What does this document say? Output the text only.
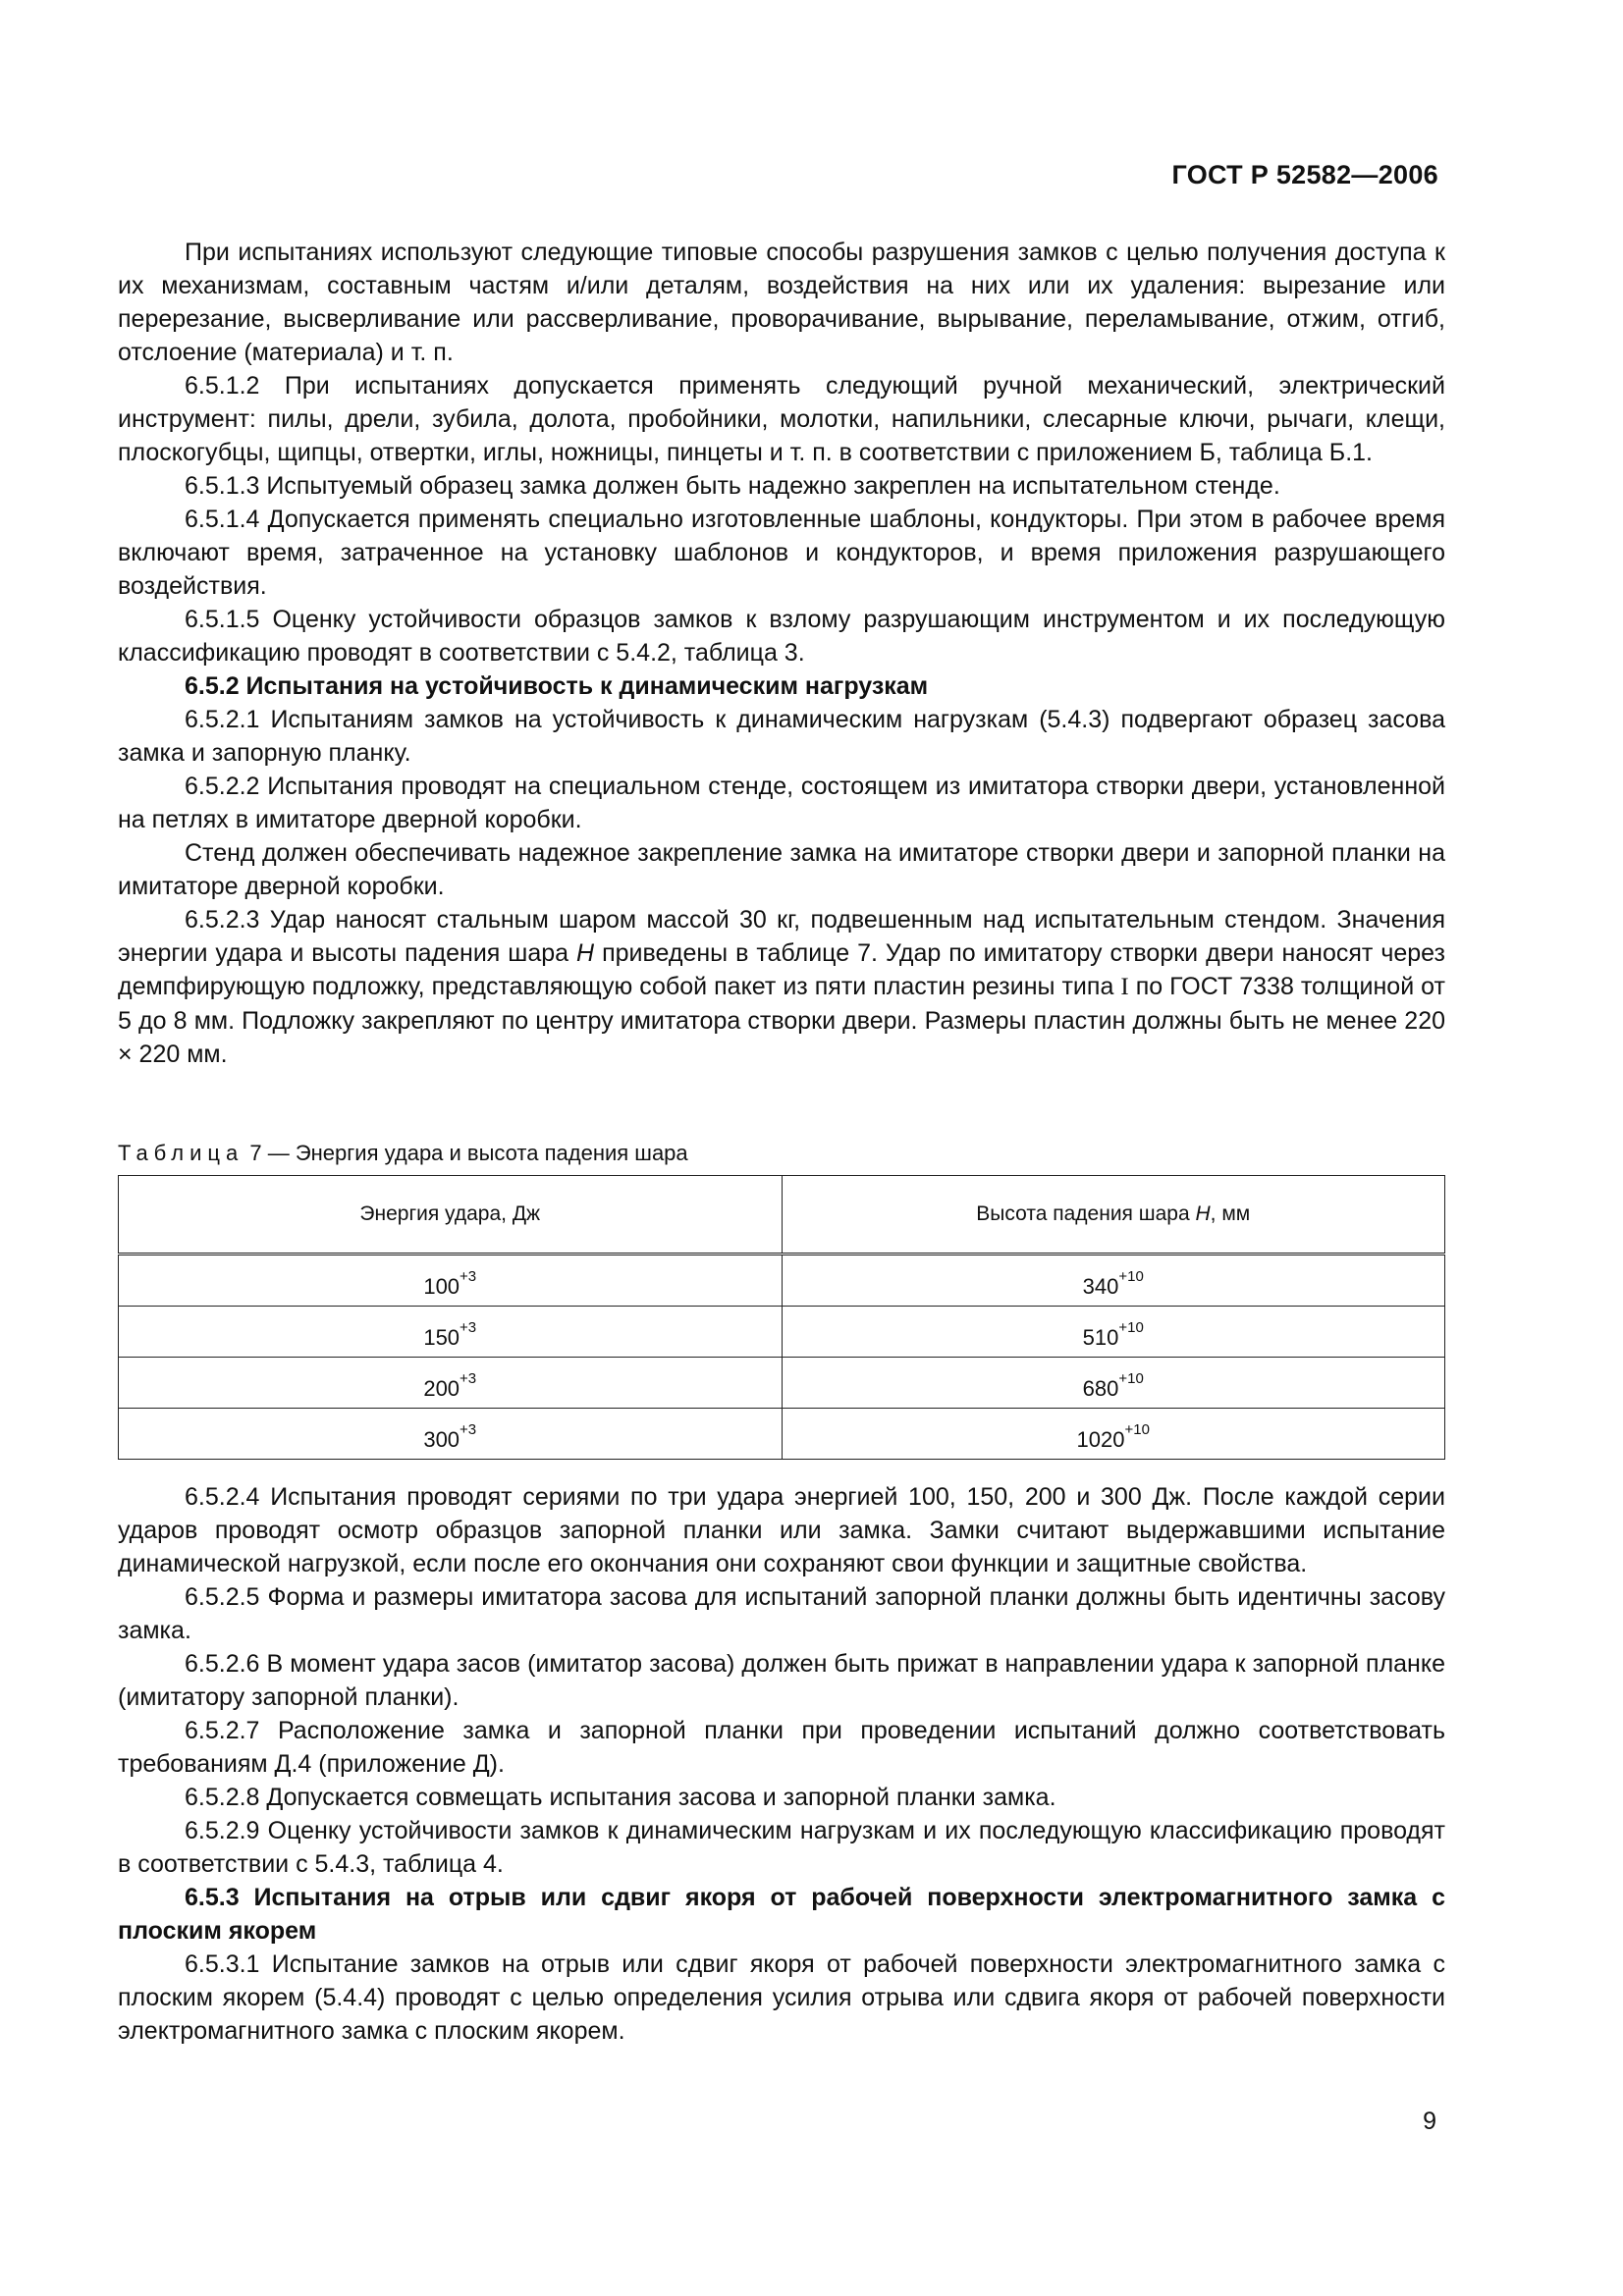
ГОСТ Р 52582—2006

При испытаниях используют следующие типовые способы разрушения замков с целью получения доступа к их механизмам, составным частям и/или деталям, воздействия на них или их удаления: вырезание или перерезание, высверливание или рассверливание, проворачивание, вырывание, переламывание, отжим, отгиб, отслоение (материала) и т. п.

6.5.1.2 При испытаниях допускается применять следующий ручной механический, электрический инструмент: пилы, дрели, зубила, долота, пробойники, молотки, напильники, слесарные ключи, рычаги, клещи, плоскогубцы, щипцы, отвертки, иглы, ножницы, пинцеты и т. п. в соответствии с приложением Б, таблица Б.1.

6.5.1.3 Испытуемый образец замка должен быть надежно закреплен на испытательном стенде.

6.5.1.4 Допускается применять специально изготовленные шаблоны, кондукторы. При этом в рабочее время включают время, затраченное на установку шаблонов и кондукторов, и время приложения разрушающего воздействия.

6.5.1.5 Оценку устойчивости образцов замков к взлому разрушающим инструментом и их последующую классификацию проводят в соответствии с 5.4.2, таблица 3.

6.5.2 Испытания на устойчивость к динамическим нагрузкам

6.5.2.1 Испытаниям замков на устойчивость к динамическим нагрузкам (5.4.3) подвергают образец засова замка и запорную планку.

6.5.2.2 Испытания проводят на специальном стенде, состоящем из имитатора створки двери, установленной на петлях в имитаторе дверной коробки.

Стенд должен обеспечивать надежное закрепление замка на имитаторе створки двери и запорной планки на имитаторе дверной коробки.

6.5.2.3 Удар наносят стальным шаром массой 30 кг, подвешенным над испытательным стендом. Значения энергии удара и высоты падения шара H приведены в таблице 7. Удар по имитатору створки двери наносят через демпфирующую подложку, представляющую собой пакет из пяти пластин резины типа I по ГОСТ 7338 толщиной от 5 до 8 мм. Подложку закрепляют по центру имитатора створки двери. Размеры пластин должны быть не менее 220 × 220 мм.

Таблица 7 — Энергия удара и высота падения шара
Энергия удара, Дж	Высота падения шара H, мм
$100^{+3}$	$340^{+10}$
$150^{+3}$	$510^{+10}$
$200^{+3}$	$680^{+10}$
$300^{+3}$	$1020^{+10}$

6.5.2.4 Испытания проводят сериями по три удара энергией 100, 150, 200 и 300 Дж. После каждой серии ударов проводят осмотр образцов запорной планки или замка. Замки считают выдержавшими испытание динамической нагрузкой, если после его окончания они сохраняют свои функции и защитные свойства.

6.5.2.5 Форма и размеры имитатора засова для испытаний запорной планки должны быть идентичны засову замка.

6.5.2.6 В момент удара засов (имитатор засова) должен быть прижат в направлении удара к запорной планке (имитатору запорной планки).

6.5.2.7 Расположение замка и запорной планки при проведении испытаний должно соответствовать требованиям Д.4 (приложение Д).

6.5.2.8 Допускается совмещать испытания засова и запорной планки замка.

6.5.2.9 Оценку устойчивости замков к динамическим нагрузкам и их последующую классификацию проводят в соответствии с 5.4.3, таблица 4.

6.5.3 Испытания на отрыв или сдвиг якоря от рабочей поверхности электромагнитного замка с плоским якорем

6.5.3.1 Испытание замков на отрыв или сдвиг якоря от рабочей поверхности электромагнитного замка с плоским якорем (5.4.4) проводят с целью определения усилия отрыва или сдвига якоря от рабочей поверхности электромагнитного замка с плоским якорем.

9
